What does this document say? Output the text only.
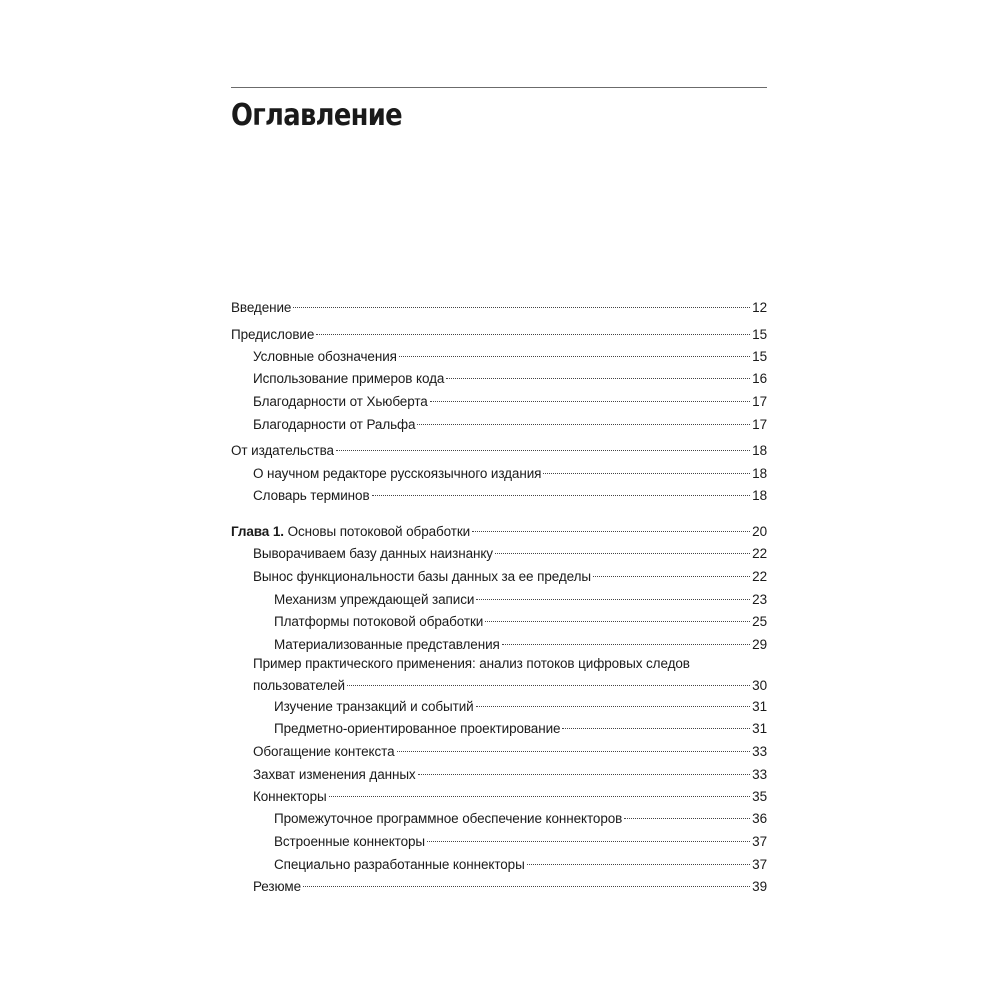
Оглавление
Введение	12
Предисловие	15
Условные обозначения	15
Использование примеров кода	16
Благодарности от Хьюберта	17
Благодарности от Ральфа	17
От издательства	18
О научном редакторе русскоязычного издания	18
Словарь терминов	18
Глава 1. Основы потоковой обработки	20
Выворачиваем базу данных наизнанку	22
Вынос функциональности базы данных за ее пределы	22
Механизм упреждающей записи	23
Платформы потоковой обработки	25
Материализованные представления	29
Пример практического применения: анализ потоков цифровых следов
пользователей	30
Изучение транзакций и событий	31
Предметно-ориентированное проектирование	31
Обогащение контекста	33
Захват изменения данных	33
Коннекторы	35
Промежуточное программное обеспечение коннекторов	36
Встроенные коннекторы	37
Специально разработанные коннекторы	37
Резюме	39
